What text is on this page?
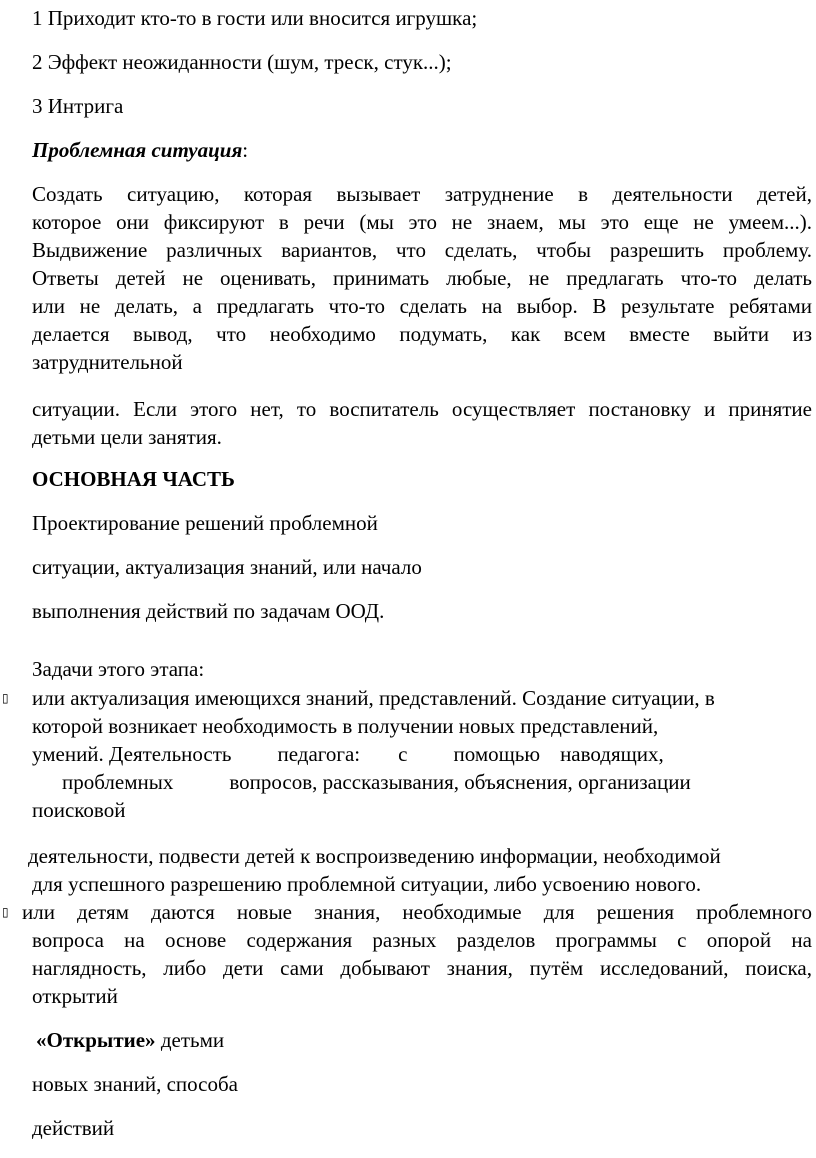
1 Приходит кто-то в гости или вносится игрушка;
2 Эффект неожиданности (шум, треск, стук...);
3 Интрига
Проблемная ситуация:
Создать ситуацию, которая вызывает затруднение в деятельности детей,
которое они фиксируют в речи (мы это не знаем, мы это еще не умеем...).
Выдвижение различных вариантов, что сделать, чтобы разрешить проблему.
Ответы детей не оценивать, принимать любые, не предлагать что-то делать
или не делать, а предлагать что-то сделать на выбор. В результате ребятами
делается вывод, что необходимо подумать, как всем вместе выйти из
затруднительной
ситуации. Если этого нет, то воспитатель осуществляет постановку и принятие
детьми цели занятия.
ОСНОВНАЯ ЧАСТЬ
Проектирование решений проблемной
ситуации, актуализация знаний, или начало
выполнения действий по задачам ООД.
Задачи этого этапа:
▯ или актуализация имеющихся знаний, представлений. Создание ситуации, в
которой возникает необходимость в получении новых представлений,
умений. Деятельность педагога: с помощью наводящих,
проблемных	вопросов, рассказывания, объяснения, организации
поисковой
деятельности, подвести детей к воспроизведению информации, необходимой
для успешного разрешению проблемной ситуации, либо усвоению нового.
▯ или детям даются новые знания, необходимые для решения проблемного
вопроса на основе содержания разных разделов программы с опорой на
наглядность, либо дети сами добывают знания, путём исследований, поиска,
открытий
«Открытие» детьми
новых знаний, способа
действий
